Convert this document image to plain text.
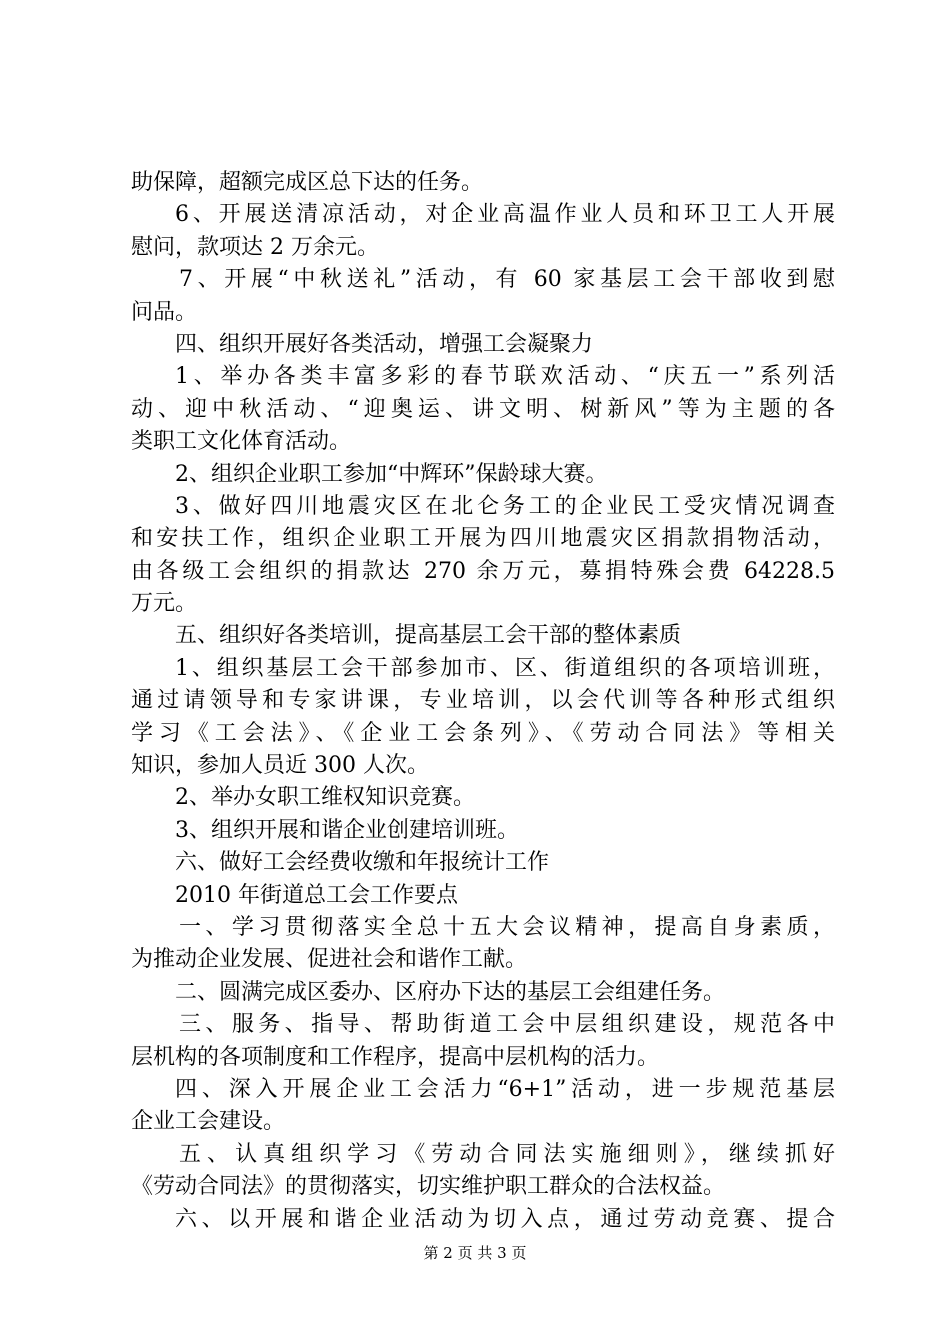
助保障，超额完成区总下达的任务。
6、开展送清凉活动，对企业高温作业人员和环卫工人开展
慰问，款项达 2 万余元。
7、开展“中秋送礼”活动，有 60 家基层工会干部收到慰
问品。
四、组织开展好各类活动，增强工会凝聚力
1、举办各类丰富多彩的春节联欢活动、“庆五一”系列活
动、迎中秋活动、“迎奥运、讲文明、树新风”等为主题的各
类职工文化体育活动。
2、组织企业职工参加“中辉环”保龄球大赛。
3、做好四川地震灾区在北仑务工的企业民工受灾情况调查
和安扶工作，组织企业职工开展为四川地震灾区捐款捐物活动，
由各级工会组织的捐款达 270 余万元，募捐特殊会费 64228.5
万元。
五、组织好各类培训，提高基层工会干部的整体素质
1、组织基层工会干部参加市、区、街道组织的各项培训班，
通过请领导和专家讲课，专业培训，以会代训等各种形式组织
学习《工会法》、《企业工会条列》、《劳动合同法》等相关
知识，参加人员近 300 人次。
2、举办女职工维权知识竞赛。
3、组织开展和谐企业创建培训班。
六、做好工会经费收缴和年报统计工作
2010 年街道总工会工作要点
一、学习贯彻落实全总十五大会议精神，提高自身素质，
为推动企业发展、促进社会和谐作工献。
二、圆满完成区委办、区府办下达的基层工会组建任务。
三、服务、指导、帮助街道工会中层组织建设，规范各中
层机构的各项制度和工作程序，提高中层机构的活力。
四、深入开展企业工会活力“6+1”活动，进一步规范基层
企业工会建设。
五、认真组织学习《劳动合同法实施细则》，继续抓好
《劳动合同法》的贯彻落实，切实维护职工群众的合法权益。
六、以开展和谐企业活动为切入点，通过劳动竞赛、提合
第 2 页 共 3 页
